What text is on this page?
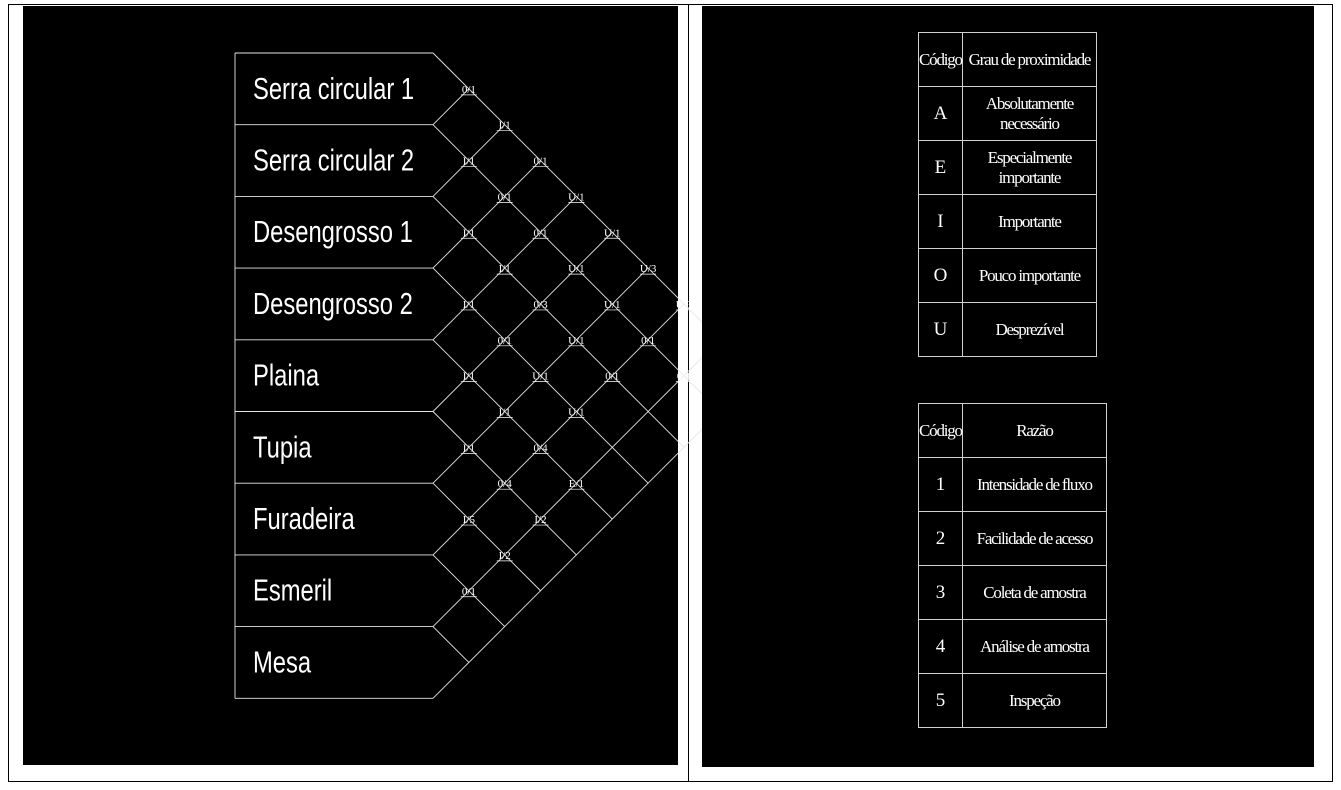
Serra circular 1
Serra circular 2
Desengrosso 1
Desengrosso 2
Plaina
Tupia
Furadeira
Esmeril
Mesa
0/1
I/1
I/1
I/1
I/1
I/1
I/5
0/1
I/1
0/1
I/1
0/1
I/1
0/4
I/2
0/1
0/1
0/3
U/1
0/4
I/2
U/1
U/1
U/1
U/1
E/1
U/1
U/1
0/1
U/3
0/1
U/3
0/1
Código	Grau de proximidade
A	Absolutamente necessário
E	Especialmente importante
I	Importante
O	Pouco importante
U	Desprezível
Código	Razão
1	Intensidade de fluxo
2	Facilidade de acesso
3	Coleta de amostra
4	Análise de amostra
5	Inspeção
